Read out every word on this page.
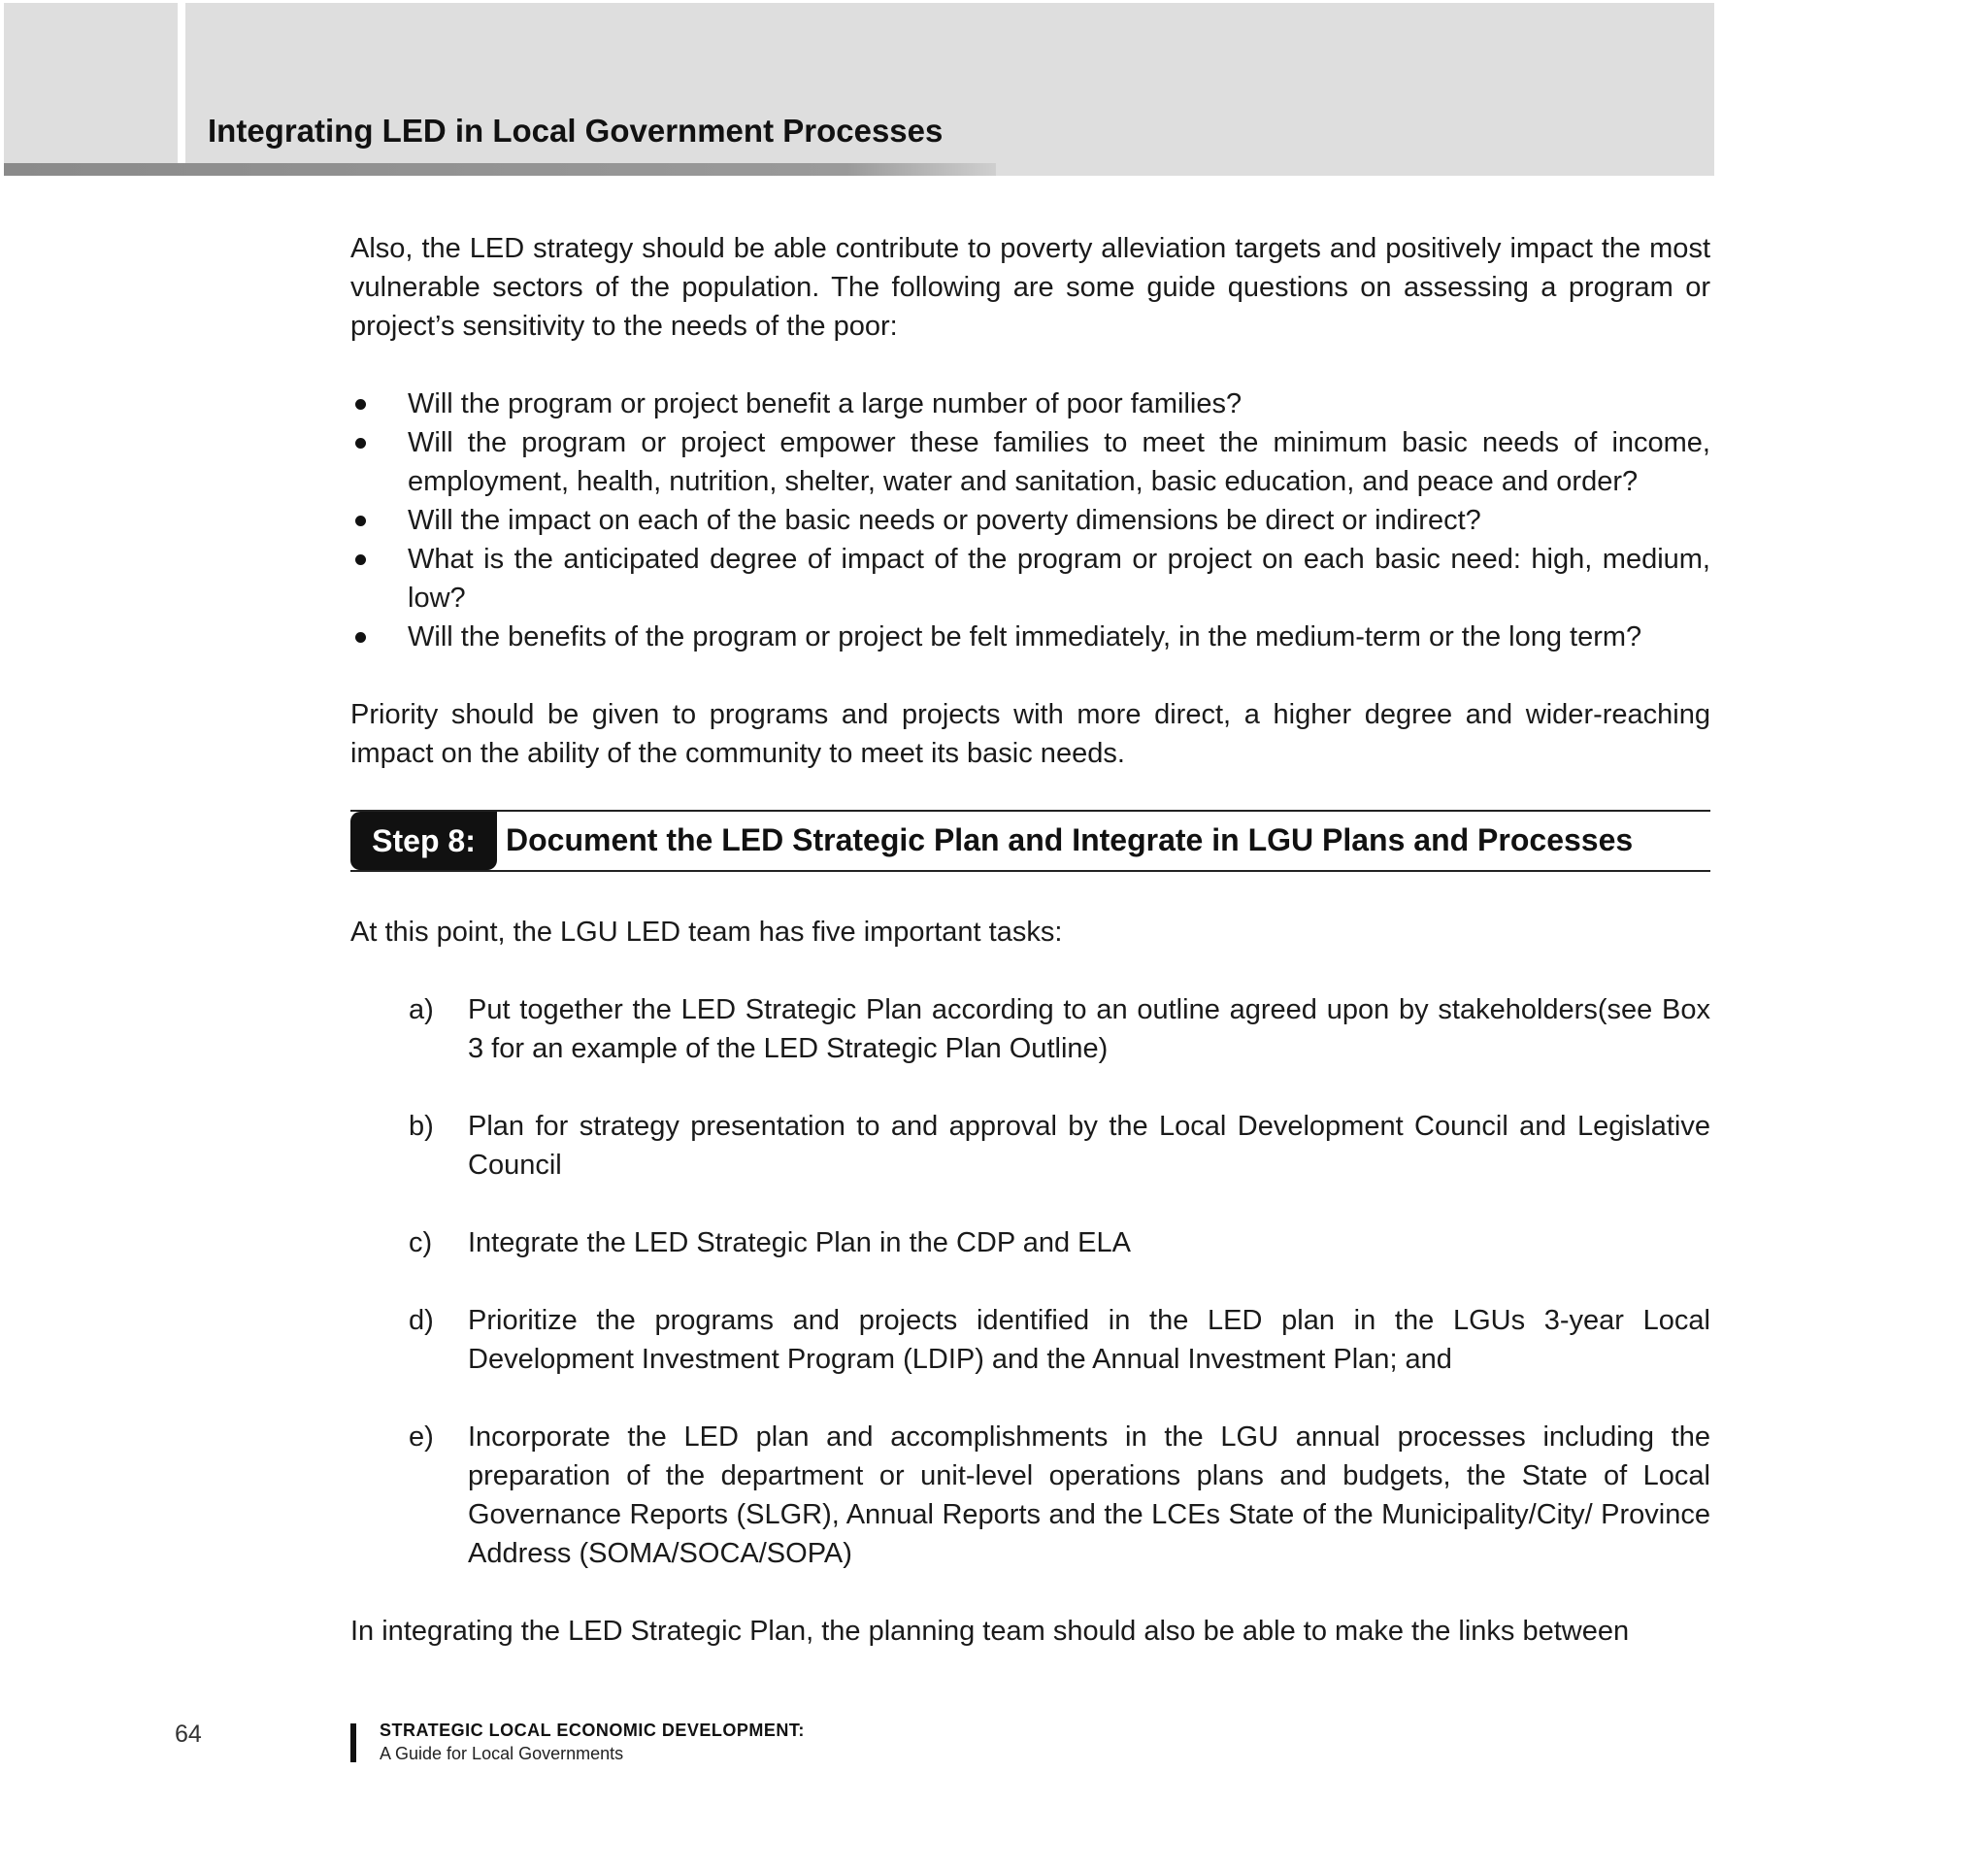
Integrating LED in Local Government Processes

Also, the LED strategy should be able contribute to poverty alleviation targets and positively impact the most vulnerable sectors of the population. The following are some guide questions on assessing a program or project’s sensitivity to the needs of the poor:

Will the program or project benefit a large number of poor families?
Will the program or project empower these families to meet the minimum basic needs of income, employment, health, nutrition, shelter, water and sanitation, basic education, and peace and order?
Will the impact on each of the basic needs or poverty dimensions be direct or indirect?
What is the anticipated degree of impact of the program or project on each basic need: high, medium, low?
Will the benefits of the program or project be felt immediately, in the medium-term or the long term?

Priority should be given to programs and projects with more direct, a higher degree and wider-reaching impact on the ability of the community to meet its basic needs.

Step 8: Document the LED Strategic Plan and Integrate in LGU Plans and Processes

At this point, the LGU LED team has five important tasks:

a) Put together the LED Strategic Plan according to an outline agreed upon by stakeholders(see Box 3 for an example of the LED Strategic Plan Outline)
b) Plan for strategy presentation to and approval by the Local Development Council and Legislative Council
c) Integrate the LED Strategic Plan in the CDP and ELA
d) Prioritize the programs and projects identified in the LED plan in the LGUs 3-year Local Development Investment Program (LDIP) and the Annual Investment Plan; and
e) Incorporate the LED plan and accomplishments in the LGU annual processes including the preparation of the department or unit-level operations plans and budgets, the State of Local Governance Reports (SLGR), Annual Reports and the LCEs State of the Municipality/City/ Province Address (SOMA/SOCA/SOPA)

In integrating the LED Strategic Plan, the planning team should also be able to make the links between

64	STRATEGIC LOCAL ECONOMIC DEVELOPMENT:
A Guide for Local Governments
